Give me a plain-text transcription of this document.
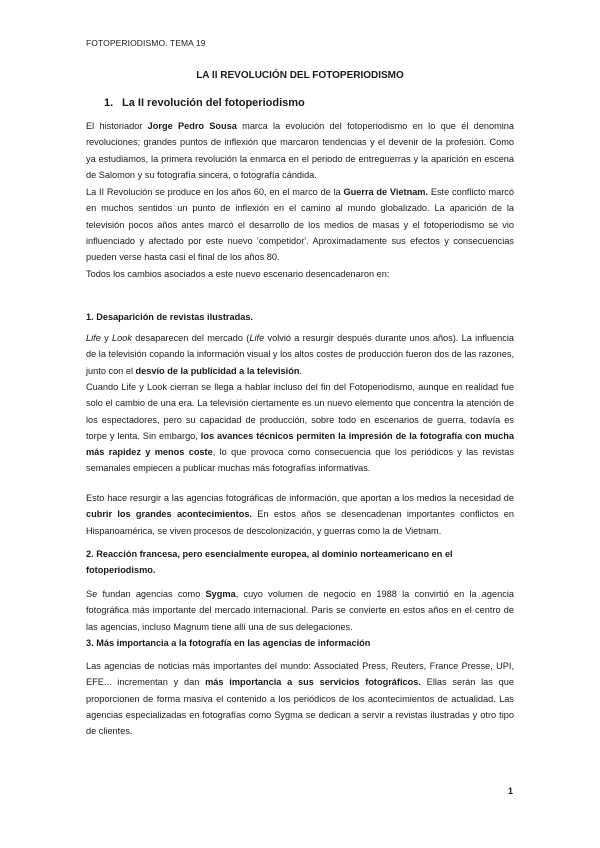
FOTOPERIODISMO. TEMA 19
LA II REVOLUCIÓN DEL FOTOPERIODISMO
1. La II revolución del fotoperiodismo

El historiador Jorge Pedro Sousa marca la evolución del fotoperiodismo en lo que él denomina revoluciones; grandes puntos de inflexión que marcaron tendencias y el devenir de la profesión. Como ya estudiamos, la primera revolución la enmarca en el periodo de entreguerras y la aparición en escena de Salomon y su fotografía sincera, o fotografía cándida.

La II Revolución se produce en los años 60, en el marco de la Guerra de Vietnam. Este conflicto marcó en muchos sentidos un punto de inflexión en el camino al mundo globalizado. La aparición de la televisión pocos años antes marcó el desarrollo de los medios de masas y el fotoperiodismo se vio influenciado y afectado por este nuevo 'competidor'. Aproximadamente sus efectos y consecuencias pueden verse hasta casi el final de los años 80.

Todos los cambios asociados a este nuevo escenario desencadenaron en:

1. Desaparición de revistas ilustradas.

Life y Look desaparecen del mercado (Life volvió a resurgir después durante unos años). La influencia de la televisión copando la información visual y los altos costes de producción fueron dos de las razones, junto con el desvío de la publicidad a la televisión.

Cuando Life y Look cierran se llega a hablar incluso del fin del Fotoperiodismo, aunque en realidad fue solo el cambio de una era. La televisión ciertamente es un nuevo elemento que concentra la atención de los espectadores, pero su capacidad de producción, sobre todo en escenarios de guerra, todavía es torpe y lenta. Sin embargo, los avances técnicos permiten la impresión de la fotografía con mucha más rapidez y menos coste, lo que provoca como consecuencia que los periódicos y las revistas semanales empiecen a publicar muchas más fotografías informativas.

Esto hace resurgir a las agencias fotográficas de información, que aportan a los medios la necesidad de cubrir los grandes acontecimientos. En estos años se desencadenan importantes conflictos en Hispanoamérica, se viven procesos de descolonización, y guerras como la de Vietnam.

2. Reacción francesa, pero esencialmente europea, al dominio norteamericano en el fotoperiodismo.

Se fundan agencias como Sygma, cuyo volumen de negocio en 1988 la convirtió en la agencia fotográfica más importante del mercado internacional. París se convierte en estos años en el centro de las agencias, incluso Magnum tiene allí una de sus delegaciones.

3. Más importancia a la fotografía en las agencias de información

Las agencias de noticias más importantes del mundo: Associated Press, Reuters, France Presse, UPI, EFE... incrementan y dan más importancia a sus servicios fotográficos. Ellas serán las que proporcionen de forma masiva el contenido a los periódicos de los acontecimientos de actualidad. Las agencias especializadas en fotografías como Sygma se dedican a servir a revistas ilustradas y otro tipo de clientes.

1
